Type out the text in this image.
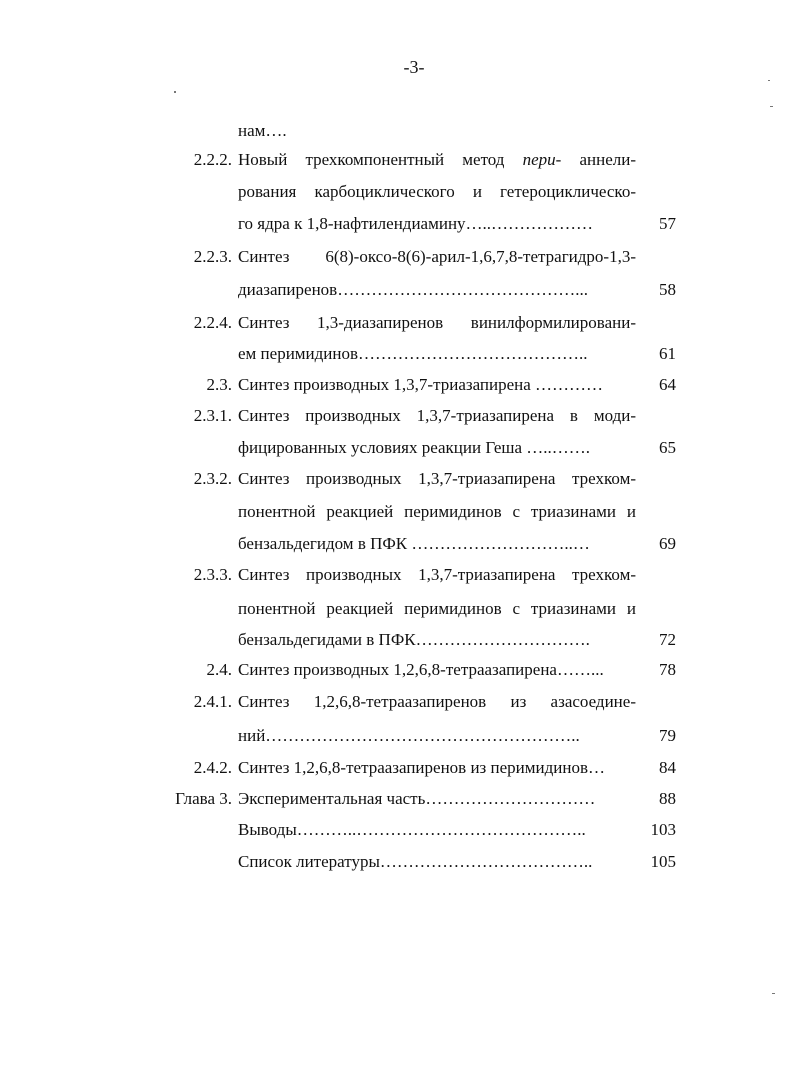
-3-
нам….
2.2.2. Новый трехкомпонентный метод пери- аннели-
рования карбоциклического и гетероциклическо-
го ядра к 1,8-нафтилендиамину…..………………	57
2.2.3. Синтез 6(8)-оксо-8(6)-арил-1,6,7,8-тетрагидро-1,3-
диазапиренов……………………………………...	58
2.2.4. Синтез 1,3-диазапиренов винилформилировани-
ем перимидинов…………………………………..	61
2.3. Синтез производных 1,3,7-триазапирена …………	64
2.3.1. Синтез производных 1,3,7-триазапирена в моди-
фицированных условиях реакции Геша …..…….	65
2.3.2. Синтез производных 1,3,7-триазапирена трехком-
понентной реакцией перимидинов с триазинами и
бензальдегидом в ПФК ………………………..…	69
2.3.3. Синтез производных 1,3,7-триазапирена трехком-
понентной реакцией перимидинов с триазинами и
бензальдегидами в ПФК………………………….	72
2.4. Синтез производных 1,2,6,8-тетраазапирена……...	78
2.4.1. Синтез 1,2,6,8-тетраазапиренов из азасоедине-
ний………………………………………………..	79
2.4.2. Синтез 1,2,6,8-тетраазапиренов из перимидинов…	84
Глава 3. Экспериментальная часть…………………………	88
Выводы………..…………………………………..	103
Список литературы………………………………..	105
